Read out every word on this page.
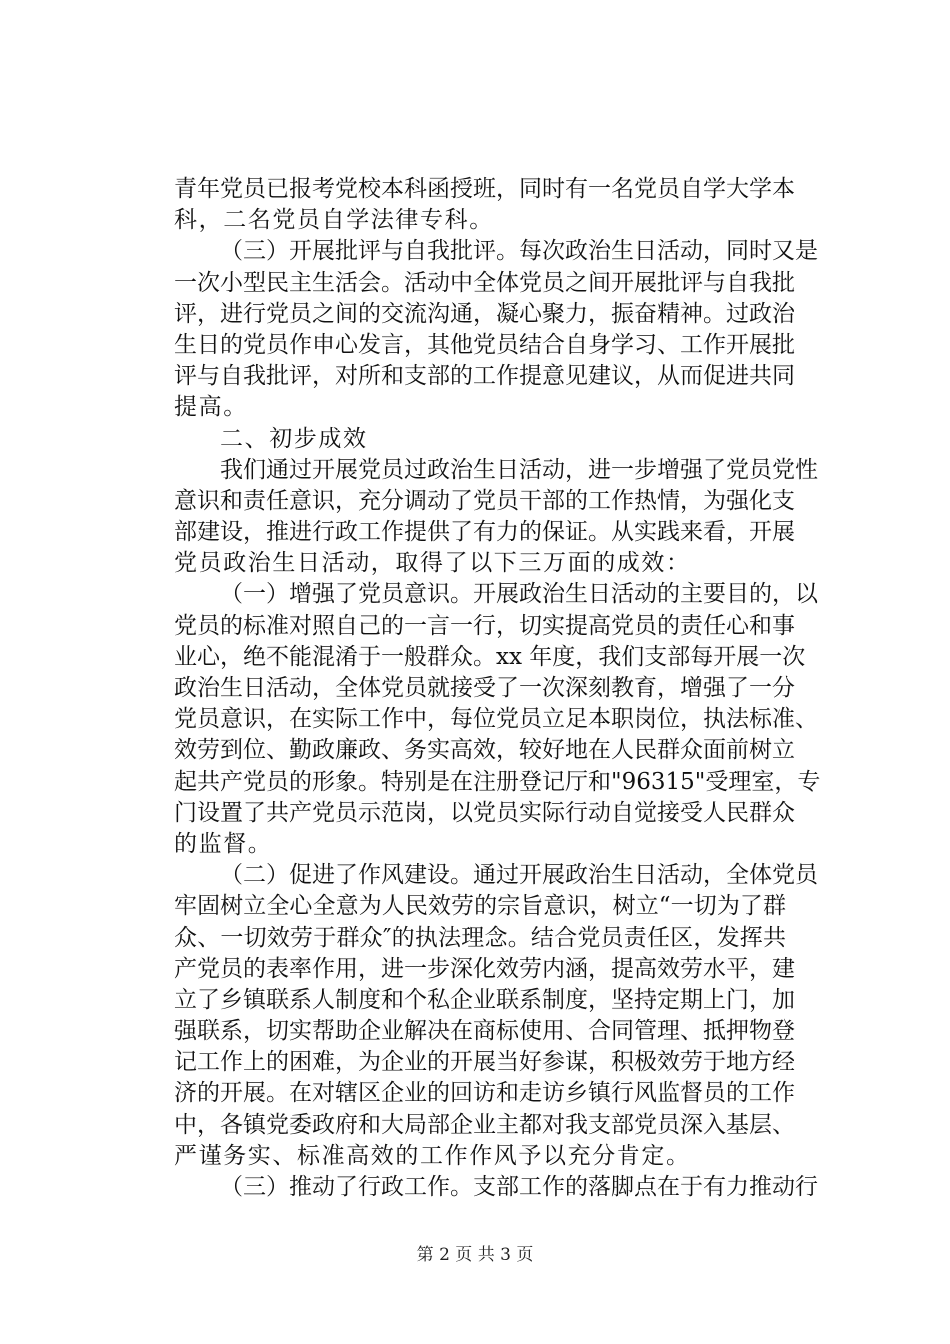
青年党员已报考党校本科函授班，同时有一名党员自学大学本
科，二名党员自学法律专科。
（三）开展批评与自我批评。每次政治生日活动，同时又是
一次小型民主生活会。活动中全体党员之间开展批评与自我批
评，进行党员之间的交流沟通，凝心聚力，振奋精神。过政治
生日的党员作申心发言，其他党员结合自身学习、工作开展批
评与自我批评，对所和支部的工作提意见建议，从而促进共同
提高。
二、初步成效
我们通过开展党员过政治生日活动，进一步增强了党员党性
意识和责任意识，充分调动了党员干部的工作热情，为强化支
部建设，推进行政工作提供了有力的保证。从实践来看，开展
党员政治生日活动，取得了以下三万面的成效：
（一）增强了党员意识。开展政治生日活动的主要目的，以
党员的标准对照自己的一言一行，切实提高党员的责任心和事
业心，绝不能混淆于一般群众。xx 年度，我们支部每开展一次
政治生日活动，全体党员就接受了一次深刻教育，增强了一分
党员意识，在实际工作中，每位党员立足本职岗位，执法标准、
效劳到位、勤政廉政、务实高效，较好地在人民群众面前树立
起共产党员的形象。特别是在注册登记厅和"96315"受理室，专
门设置了共产党员示范岗，以党员实际行动自觉接受人民群众
的监督。
（二）促进了作风建设。通过开展政治生日活动，全体党员
牢固树立全心全意为人民效劳的宗旨意识，树立“一切为了群
众、一切效劳于群众″的执法理念。结合党员责任区，发挥共
产党员的表率作用，进一步深化效劳内涵，提高效劳水平，建
立了乡镇联系人制度和个私企业联系制度，坚持定期上门，加
强联系，切实帮助企业解决在商标使用、合同管理、抵押物登
记工作上的困难，为企业的开展当好参谋，积极效劳于地方经
济的开展。在对辖区企业的回访和走访乡镇行风监督员的工作
中，各镇党委政府和大局部企业主都对我支部党员深入基层、
严谨务实、标准高效的工作作风予以充分肯定。
（三）推动了行政工作。支部工作的落脚点在于有力推动行
第 2 页 共 3 页
